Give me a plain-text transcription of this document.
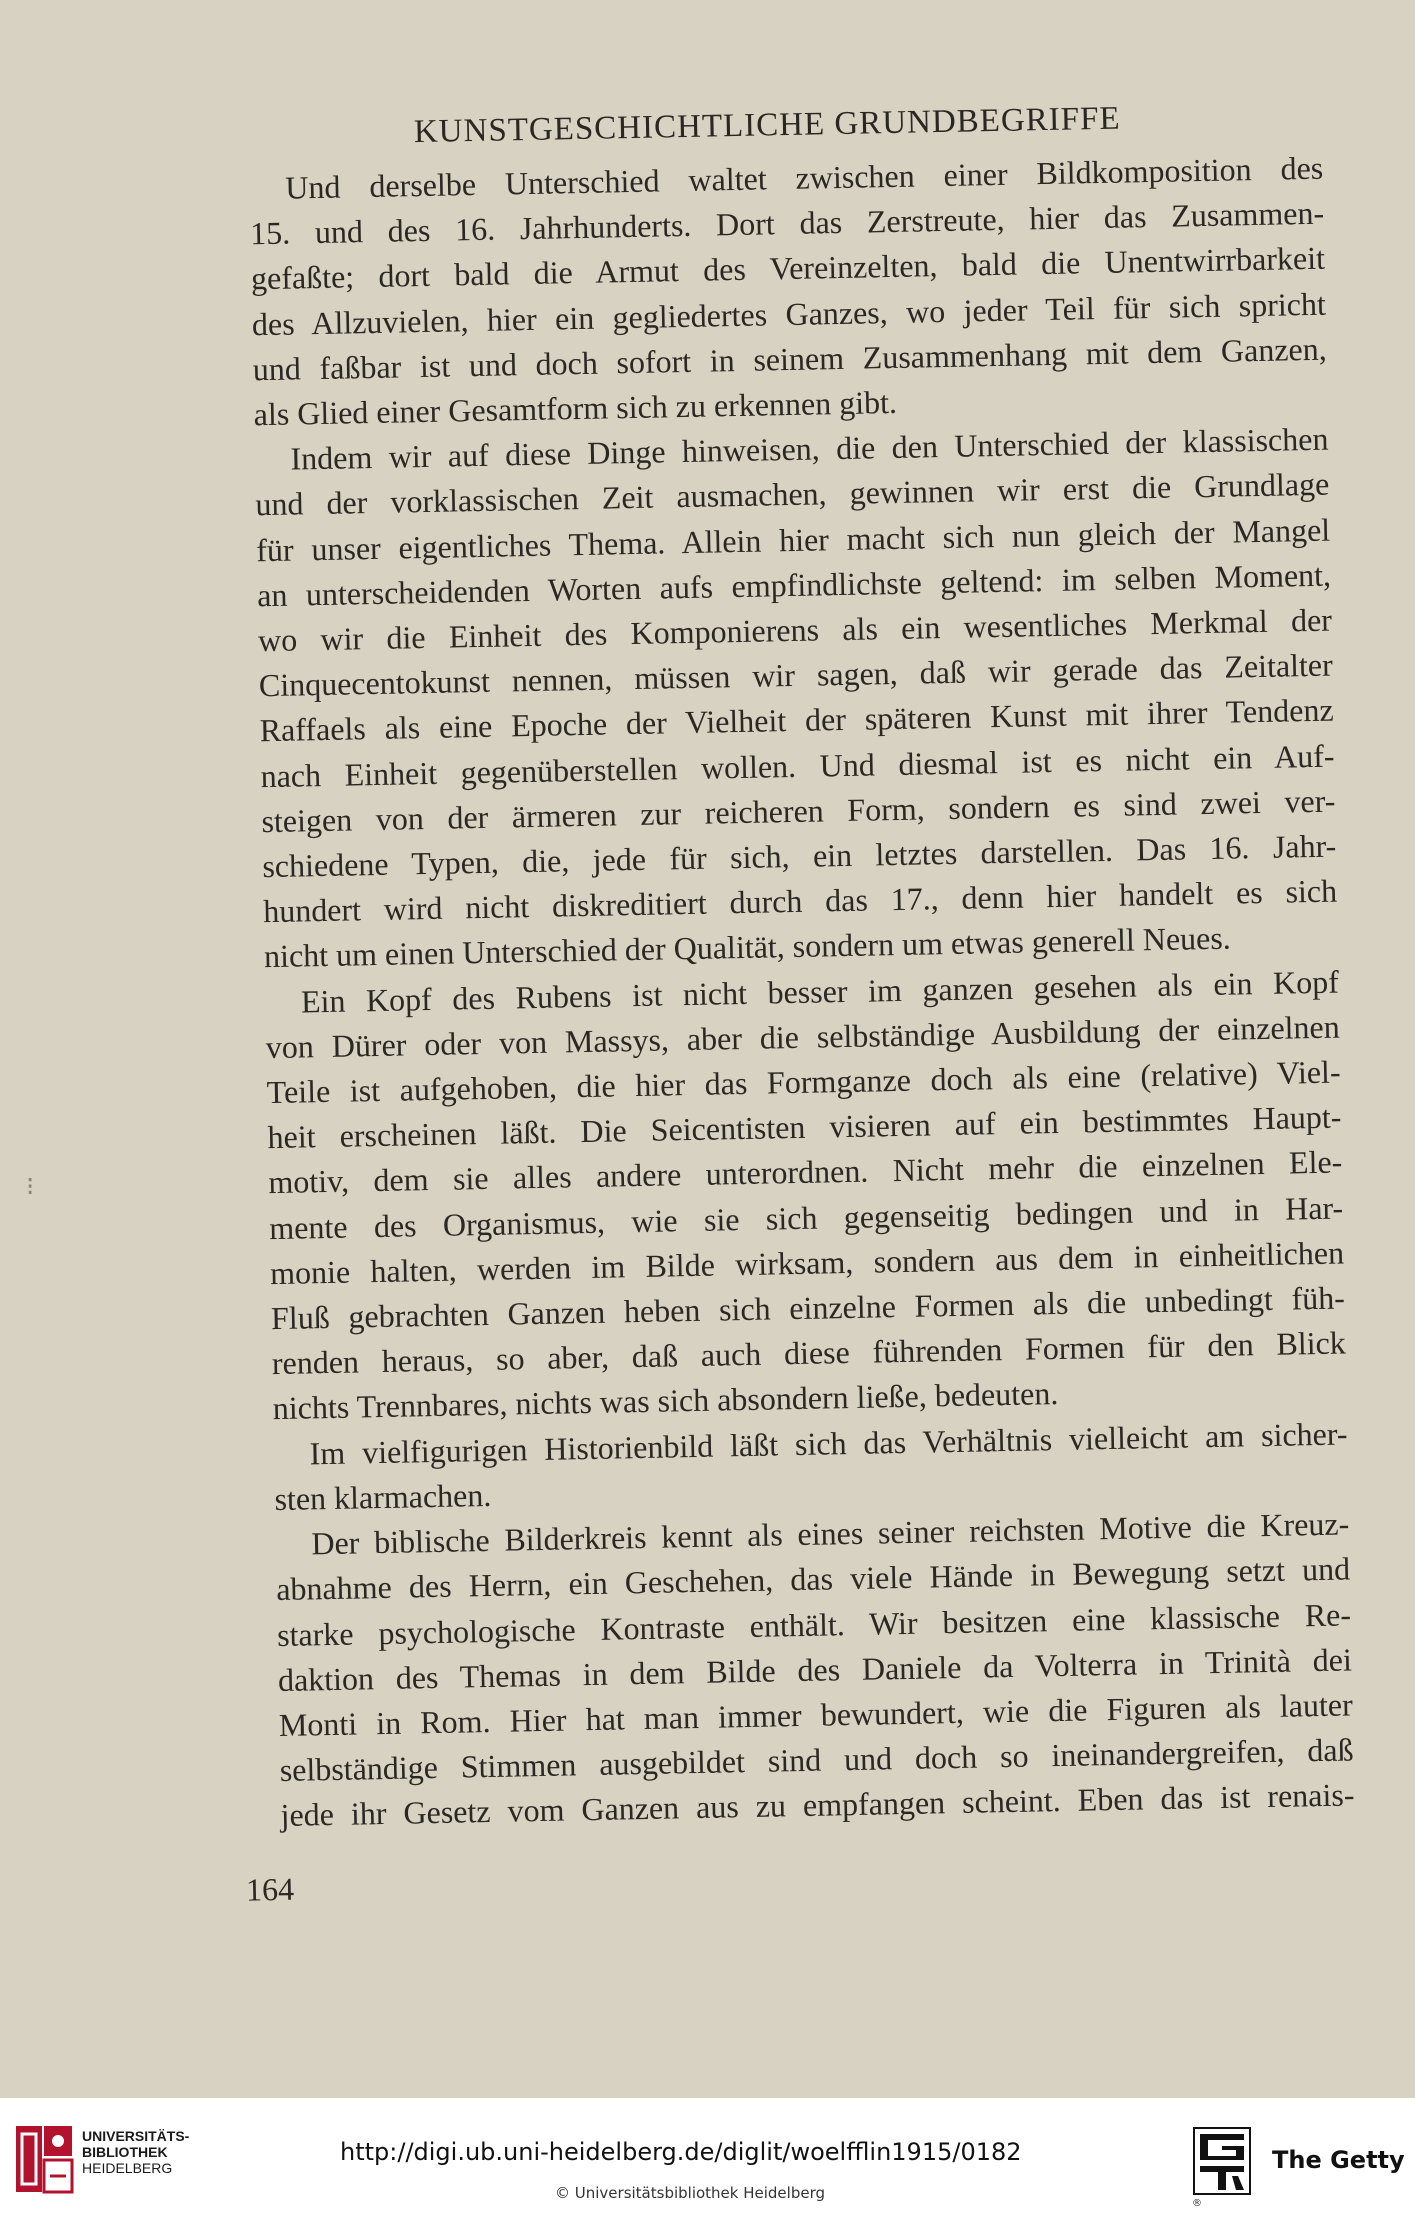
KUNSTGESCHICHTLICHE GRUNDBEGRIFFE
Und derselbe Unterschied waltet zwischen einer Bildkomposition des
15. und des 16. Jahrhunderts. Dort das Zerstreute, hier das Zusammen-
gefaßte; dort bald die Armut des Vereinzelten, bald die Unentwirrbarkeit
des Allzuvielen, hier ein gegliedertes Ganzes, wo jeder Teil für sich spricht
und faßbar ist und doch sofort in seinem Zusammenhang mit dem Ganzen,
als Glied einer Gesamtform sich zu erkennen gibt.
Indem wir auf diese Dinge hinweisen, die den Unterschied der klassischen
und der vorklassischen Zeit ausmachen, gewinnen wir erst die Grundlage
für unser eigentliches Thema. Allein hier macht sich nun gleich der Mangel
an unterscheidenden Worten aufs empfindlichste geltend: im selben Moment,
wo wir die Einheit des Komponierens als ein wesentliches Merkmal der
Cinquecentokunst nennen, müssen wir sagen, daß wir gerade das Zeitalter
Raffaels als eine Epoche der Vielheit der späteren Kunst mit ihrer Tendenz
nach Einheit gegenüberstellen wollen. Und diesmal ist es nicht ein Auf-
steigen von der ärmeren zur reicheren Form, sondern es sind zwei ver-
schiedene Typen, die, jede für sich, ein letztes darstellen. Das 16. Jahr-
hundert wird nicht diskreditiert durch das 17., denn hier handelt es sich
nicht um einen Unterschied der Qualität, sondern um etwas generell Neues.
Ein Kopf des Rubens ist nicht besser im ganzen gesehen als ein Kopf
von Dürer oder von Massys, aber die selbständige Ausbildung der einzelnen
Teile ist aufgehoben, die hier das Formganze doch als eine (relative) Viel-
heit erscheinen läßt. Die Seicentisten visieren auf ein bestimmtes Haupt-
motiv, dem sie alles andere unterordnen. Nicht mehr die einzelnen Ele-
mente des Organismus, wie sie sich gegenseitig bedingen und in Har-
monie halten, werden im Bilde wirksam, sondern aus dem in einheitlichen
Fluß gebrachten Ganzen heben sich einzelne Formen als die unbedingt füh-
renden heraus, so aber, daß auch diese führenden Formen für den Blick
nichts Trennbares, nichts was sich absondern ließe, bedeuten.
Im vielfigurigen Historienbild läßt sich das Verhältnis vielleicht am sicher-
sten klarmachen.
Der biblische Bilderkreis kennt als eines seiner reichsten Motive die Kreuz-
abnahme des Herrn, ein Geschehen, das viele Hände in Bewegung setzt und
starke psychologische Kontraste enthält. Wir besitzen eine klassische Re-
daktion des Themas in dem Bilde des Daniele da Volterra in Trinità dei
Monti in Rom. Hier hat man immer bewundert, wie die Figuren als lauter
selbständige Stimmen ausgebildet sind und doch so ineinandergreifen, daß
jede ihr Gesetz vom Ganzen aus zu empfangen scheint. Eben das ist renais-
164
⁝
UNIVERSITÄTS-
BIBLIOTHEK
HEIDELBERG
http://digi.ub.uni-heidelberg.de/diglit/woelfflin1915/0182
© Universitätsbibliothek Heidelberg
The Getty
®
